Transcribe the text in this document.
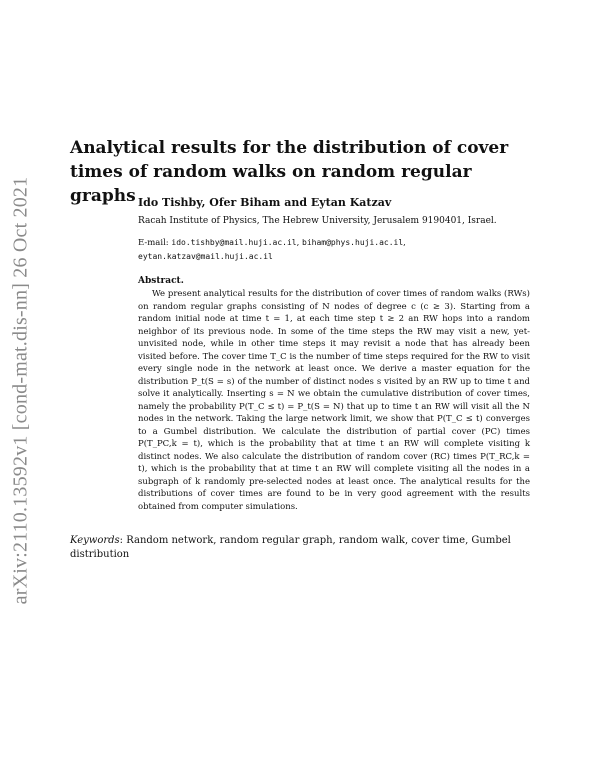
arXiv:2110.13592v1 [cond-mat.dis-nn] 26 Oct 2021
Analytical results for the distribution of cover times of random walks on random regular graphs Ido Tishby, Ofer Biham and Eytan Katzav
Racah Institute of Physics, The Hebrew University, Jerusalem 9190401, Israel.
E-mail: ido.tishby@mail.huji.ac.il, biham@phys.huji.ac.il,
eytan.katzav@mail.huji.ac.il
Abstract.

We present analytical results for the distribution of cover times of random walks (RWs) on random regular graphs consisting of N nodes of degree c (c ≥ 3). Starting from a random initial node at time t = 1, at each time step t ≥ 2 an RW hops into a random neighbor of its previous node. In some of the time steps the RW may visit a new, yet-unvisited node, while in other time steps it may revisit a node that has already been visited before. The cover time T_C is the number of time steps required for the RW to visit every single node in the network at least once. We derive a master equation for the distribution P_t(S = s) of the number of distinct nodes s visited by an RW up to time t and solve it analytically. Inserting s = N we obtain the cumulative distribution of cover times, namely the probability P(T_C ≤ t) = P_t(S = N) that up to time t an RW will visit all the N nodes in the network. Taking the large network limit, we show that P(T_C ≤ t) converges to a Gumbel distribution. We calculate the distribution of partial cover (PC) times P(T_PC,k = t), which is the probability that at time t an RW will complete visiting k distinct nodes. We also calculate the distribution of random cover (RC) times P(T_RC,k = t), which is the probability that at time t an RW will complete visiting all the nodes in a subgraph of k randomly pre-selected nodes at least once. The analytical results for the distributions of cover times are found to be in very good agreement with the results obtained from computer simulations.

Keywords: Random network, random regular graph, random walk, cover time, Gumbel distribution
